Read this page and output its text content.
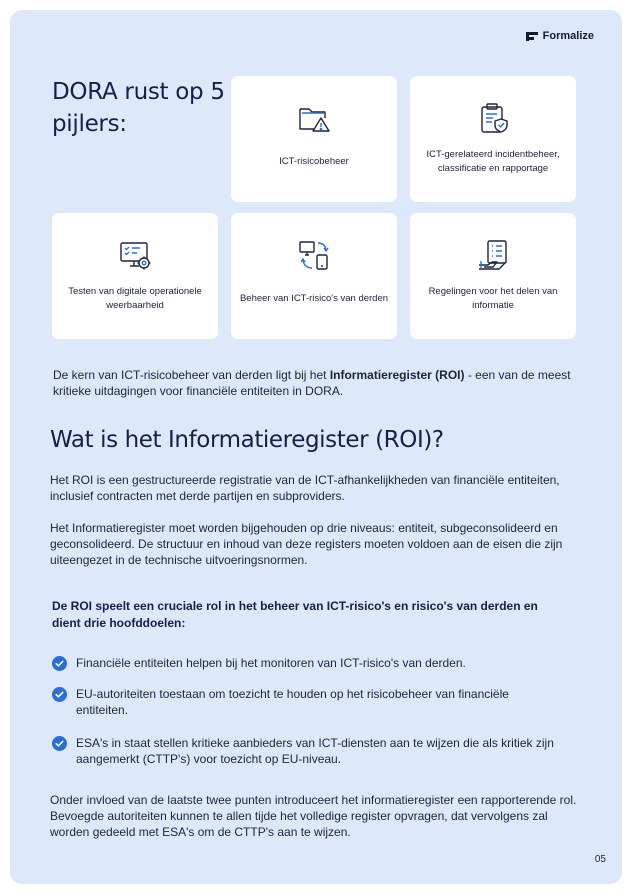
Formalize
DORA rust op 5 pijlers:
ICT-risicobeheer
ICT-gerelateerd incidentbeheer, classificatie en rapportage
Testen van digitale operationele weerbaarheid
Beheer van ICT-risico's van derden
Regelingen voor het delen van informatie

De kern van ICT-risicobeheer van derden ligt bij het Informatieregister (ROI) - een van de meest kritieke uitdagingen voor financiële entiteiten in DORA.

Wat is het Informatieregister (ROI)?

Het ROI is een gestructureerde registratie van de ICT-afhankelijkheden van financiële entiteiten, inclusief contracten met derde partijen en subproviders.

Het Informatieregister moet worden bijgehouden op drie niveaus: entiteit, subgeconsolideerd en geconsolideerd. De structuur en inhoud van deze registers moeten voldoen aan de eisen die zijn uiteengezet in de technische uitvoeringsnormen.

De ROI speelt een cruciale rol in het beheer van ICT-risico's en risico's van derden en dient drie hoofddoelen:

Financiële entiteiten helpen bij het monitoren van ICT-risico's van derden.
EU-autoriteiten toestaan om toezicht te houden op het risicobeheer van financiële entiteiten.
ESA's in staat stellen kritieke aanbieders van ICT-diensten aan te wijzen die als kritiek zijn aangemerkt (CTTP's) voor toezicht op EU-niveau.

Onder invloed van de laatste twee punten introduceert het informatieregister een rapporterende rol. Bevoegde autoriteiten kunnen te allen tijde het volledige register opvragen, dat vervolgens zal worden gedeeld met ESA's om de CTTP's aan te wijzen.

05
